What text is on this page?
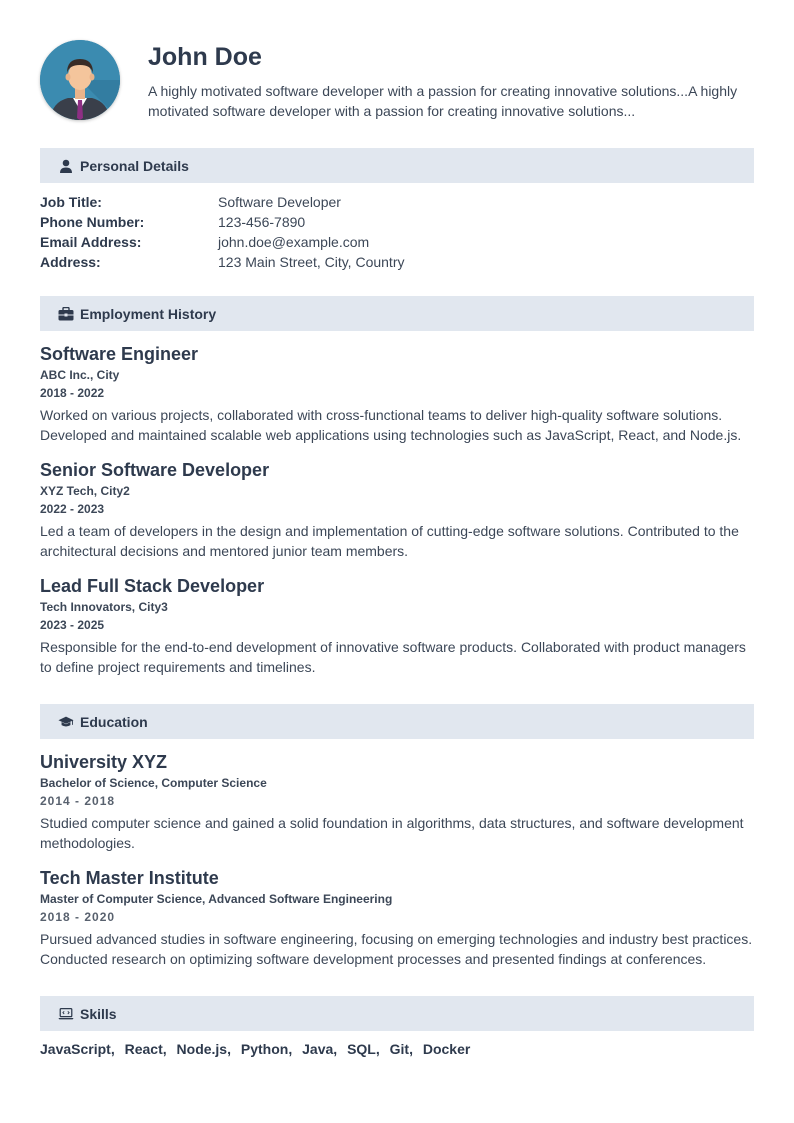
John Doe

A highly motivated software developer with a passion for creating innovative solutions...A highly motivated software developer with a passion for creating innovative solutions...

Personal Details
Job Title:	Software Developer
Phone Number:	123-456-7890
Email Address:	john.doe@example.com
Address:	123 Main Street, City, Country
Employment History
Software Engineer
ABC Inc., City
2018 - 2022
Worked on various projects, collaborated with cross-functional teams to deliver high-quality software solutions. Developed and maintained scalable web applications using technologies such as JavaScript, React, and Node.js.
Senior Software Developer
XYZ Tech, City2
2022 - 2023
Led a team of developers in the design and implementation of cutting-edge software solutions. Contributed to the architectural decisions and mentored junior team members.
Lead Full Stack Developer
Tech Innovators, City3
2023 - 2025
Responsible for the end-to-end development of innovative software products. Collaborated with product managers to define project requirements and timelines.
Education
University XYZ
Bachelor of Science, Computer Science
2014 - 2018
Studied computer science and gained a solid foundation in algorithms, data structures, and software development methodologies.
Tech Master Institute
Master of Computer Science, Advanced Software Engineering
2018 - 2020
Pursued advanced studies in software engineering, focusing on emerging technologies and industry best practices. Conducted research on optimizing software development processes and presented findings at conferences.
Skills
JavaScript, React, Node.js, Python, Java, SQL, Git, Docker
